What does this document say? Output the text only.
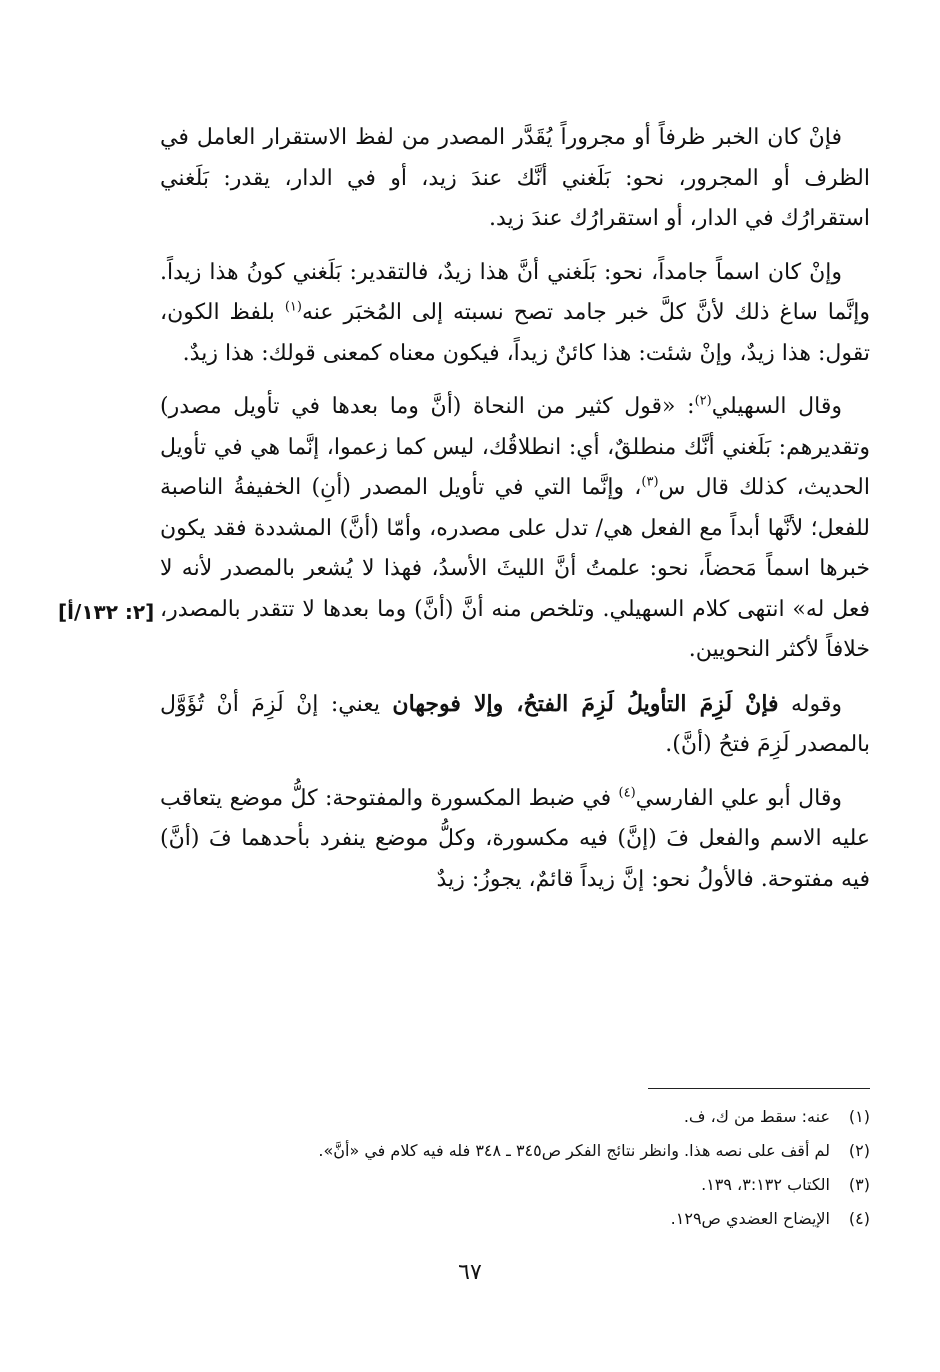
فإنْ كان الخبر ظرفاً أو مجروراً يُقَدَّر المصدر من لفظ الاستقرار العامل في الظرف أو المجرور، نحو: بَلَغني أنَّك عندَ زيد، أو في الدار، يقدر: بَلَغني استقرارُك في الدار، أو استقرارُك عندَ زيد.

وإنْ كان اسماً جامداً، نحو: بَلَغني أنَّ هذا زيدٌ، فالتقدير: بَلَغني كونُ هذا زيداً. وإنَّما ساغ ذلك لأنَّ كلَّ خبر جامد تصح نسبته إلى المُخبَر عنه$^{(١)}$ بلفظ الكون، تقول: هذا زيدٌ، وإنْ شئت: هذا كائنٌ زيداً، فيكون معناه كمعنى قولك: هذا زيدٌ.

وقال السهيلي$^{(٢)}$: «قول كثير من النحاة (أنَّ وما بعدها في تأويل مصدر) وتقديرهم: بَلَغني أنَّك منطلقٌ، أي: انطلاقُك، ليس كما زعموا، إنَّما هي في تأويل الحديث، كذلك قال س$^{(٣)}$، وإنَّما التي في تأويل المصدر (أنِ) الخفيفةُ الناصبة للفعل؛ لأنَّها أبداً مع الفعل هي/ تدل على مصدره، وأمّا (أنَّ) المشددة فقد يكون خبرها اسماً مَحضاً، نحو: علمتُ أنَّ الليثَ الأسدُ، فهذا لا يُشعر بالمصدر لأنه لا فعل له» انتهى كلام السهيلي. وتلخص منه أنَّ (أنَّ) وما بعدها لا تتقدر بالمصدر، خلافاً لأكثر النحويين.

وقوله فإنْ لَزِمَ التأويلُ لَزِمَ الفتحُ، وإلا فوجهان يعني: إنْ لَزِمَ أنْ تُؤَوَّل بالمصدر لَزِمَ فتحُ (أنَّ).

وقال أبو علي الفارسي$^{(٤)}$ في ضبط المكسورة والمفتوحة: كلُّ موضع يتعاقب عليه الاسم والفعل فَ (إنَّ) فيه مكسورة، وكلُّ موضع ينفرد بأحدهما فَ (أنَّ) فيه مفتوحة. فالأولُ نحو: إنَّ زيداً قائمٌ، يجوزُ: زيدٌ

[٢: ١٣٢/أ]
(١)
عنه: سقط من ك، ف.
(٢)
لم أقف على نصه هذا. وانظر نتائج الفكر ص٣٤٥ ـ ٣٤٨ فله فيه كلام في «أنَّ».
(٣)
الكتاب ٣:١٣٢، ١٣٩.
(٤)
الإيضاح العضدي ص١٢٩.
٦٧
